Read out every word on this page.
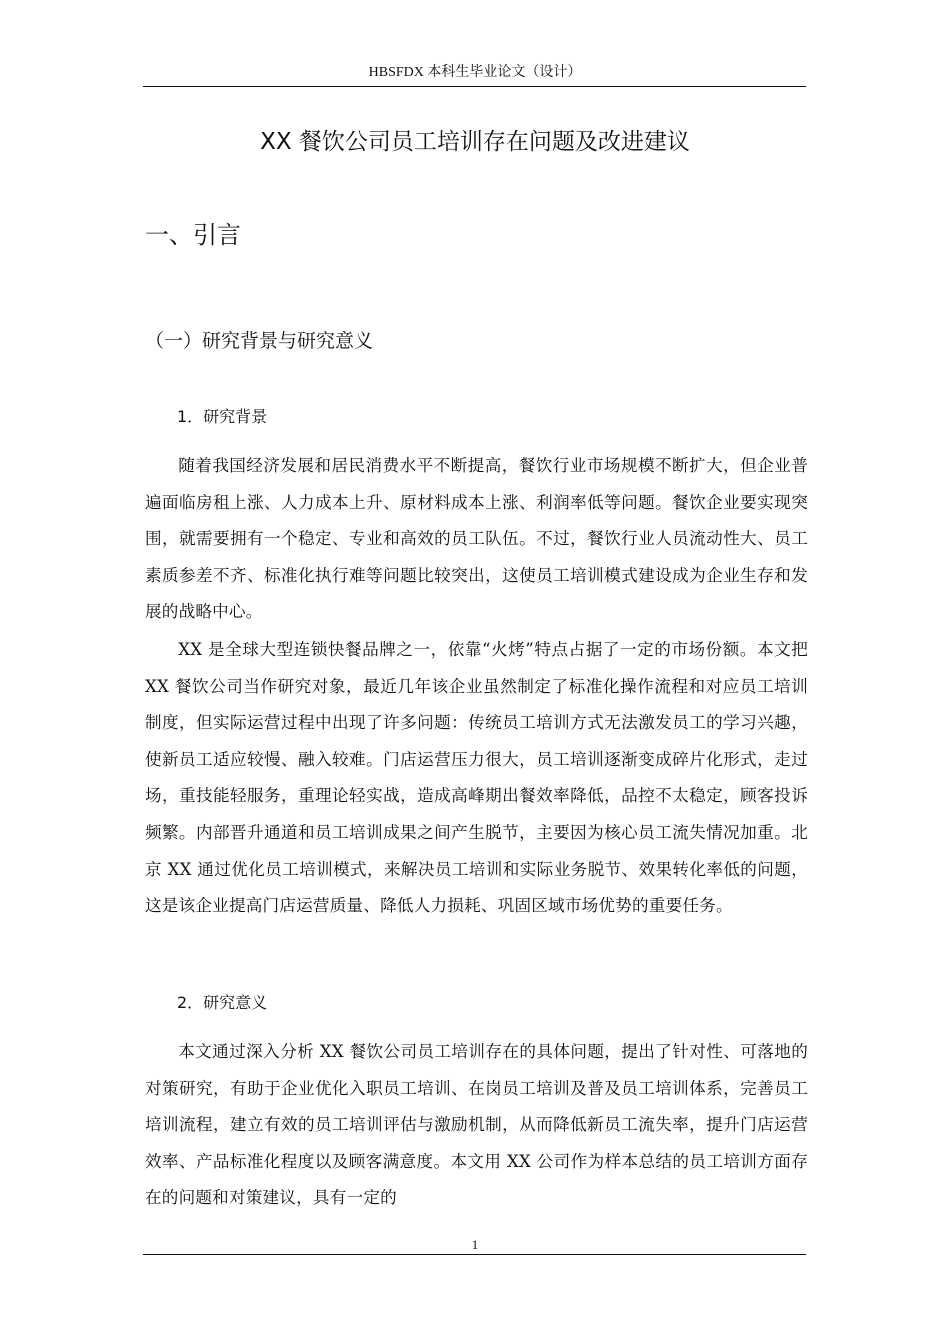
HBSFDX 本科生毕业论文（设计）
XX 餐饮公司员工培训存在问题及改进建议
一、引言
（一）研究背景与研究意义
1．研究背景

随着我国经济发展和居民消费水平不断提高，餐饮行业市场规模不断扩大，但企业普遍面临房租上涨、人力成本上升、原材料成本上涨、利润率低等问题。餐饮企业要实现突围，就需要拥有一个稳定、专业和高效的员工队伍。不过，餐饮行业人员流动性大、员工素质参差不齐、标准化执行难等问题比较突出，这使员工培训模式建设成为企业生存和发展的战略中心。

XX 是全球大型连锁快餐品牌之一，依靠“火烤”特点占据了一定的市场份额。本文把 XX 餐饮公司当作研究对象，最近几年该企业虽然制定了标准化操作流程和对应员工培训制度，但实际运营过程中出现了许多问题：传统员工培训方式无法激发员工的学习兴趣，使新员工适应较慢、融入较难。门店运营压力很大，员工培训逐渐变成碎片化形式，走过场，重技能轻服务，重理论轻实战，造成高峰期出餐效率降低，品控不太稳定，顾客投诉频繁。内部晋升通道和员工培训成果之间产生脱节，主要因为核心员工流失情况加重。北京 XX 通过优化员工培训模式，来解决员工培训和实际业务脱节、效果转化率低的问题，这是该企业提高门店运营质量、降低人力损耗、巩固区域市场优势的重要任务。

2．研究意义

本文通过深入分析 XX 餐饮公司员工培训存在的具体问题，提出了针对性、可落地的对策研究，有助于企业优化入职员工培训、在岗员工培训及普及员工培训体系，完善员工培训流程，建立有效的员工培训评估与激励机制，从而降低新员工流失率，提升门店运营效率、产品标准化程度以及顾客满意度。本文用 XX 公司作为样本总结的员工培训方面存在的问题和对策建议，具有一定的

1
